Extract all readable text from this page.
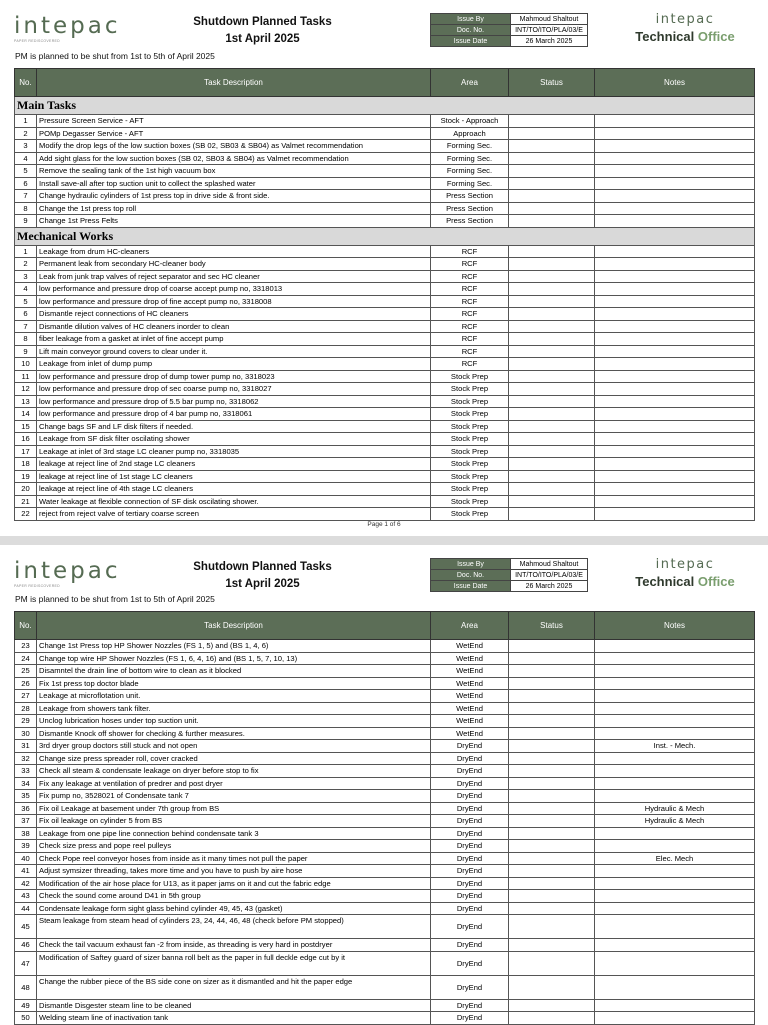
intepac
PAPER REDISCOVERED
Shutdown Planned Tasks
1st April 2025
Issue By	Mahmoud Shaltout
Doc. No.	INT/TO/ITO/PLA/03/E
Issue Date	26 March 2025
intepac
Technical Office
PM is planned to be shut from 1st to 5th of April 2025
No.	Task Description	Area	Status	Notes
Main Tasks				
1	Pressure Screen Service - AFT	Stock - Approach		
2	POMp Degasser Service - AFT	Approach		
3	Modify the drop legs of the low suction boxes (SB 02, SB03 & SB04) as Valmet recommendation	Forming Sec.		
4	Add sight glass for the low suction boxes (SB 02, SB03 & SB04) as Valmet recommendation	Forming Sec.		
5	Remove the sealing tank of the 1st high vacuum box	Forming Sec.		
6	Install save-all after top suction unit to collect the splashed water	Forming Sec.		
7	Change hydraulic cylinders of 1st press top in drive side & front side.	Press Section		
8	Change the 1st press top roll	Press Section		
9	Change 1st Press Felts	Press Section		
Mechanical Works				
1	Leakage from drum HC-cleaners	RCF		
2	Permanent leak from secondary HC-cleaner body	RCF		
3	Leak from junk trap valves of reject separator and sec HC cleaner	RCF		
4	low performance and pressure drop of coarse accept pump no, 3318013	RCF		
5	low performance and pressure drop of fine accept pump no, 3318008	RCF		
6	Dismantle reject connections of HC cleaners	RCF		
7	Dismantle dilution valves of HC cleaners inorder to clean	RCF		
8	fiber leakage from a gasket at inlet of fine accept pump	RCF		
9	Lift main conveyor ground covers to clear under it.	RCF		
10	Leakage from inlet of dump pump	RCF		
11	low performance and pressure drop of dump tower pump no, 3318023	Stock Prep		
12	low performance and pressure drop of sec coarse pump no, 3318027	Stock Prep		
13	low performance and pressure drop of 5.5 bar pump no, 3318062	Stock Prep		
14	low performance and pressure drop of 4 bar pump no, 3318061	Stock Prep		
15	Change bags SF and LF disk filters if needed.	Stock Prep		
16	Leakage from SF disk filter oscilating shower	Stock Prep		
17	Leakage at inlet of 3rd stage LC cleaner pump no, 3318035	Stock Prep		
18	leakage at reject line of 2nd stage LC cleaners	Stock Prep		
19	leakage at reject line of 1st stage LC cleaners	Stock Prep		
20	leakage at reject line of 4th stage LC cleaners	Stock Prep		
21	Water leakage at flexible connection of SF disk oscilating shower.	Stock Prep		
22	reject from reject valve of tertiary coarse screen	Stock Prep		
Page 1 of 6
intepac
PAPER REDISCOVERED
Shutdown Planned Tasks
1st April 2025
Issue By	Mahmoud Shaltout
Doc. No.	INT/TO/ITO/PLA/03/E
Issue Date	26 March 2025
intepac
Technical Office
PM is planned to be shut from 1st to 5th of April 2025
No.	Task Description	Area	Status	Notes
23	Change 1st Press top HP Shower Nozzles (FS 1, 5) and (BS 1, 4, 6)	WetEnd		
24	Change top wire HP Shower Nozzles (FS 1, 6, 4, 16) and (BS 1, 5, 7, 10, 13)	WetEnd		
25	Disamntel the drain line of bottom wire to clean as it blocked	WetEnd		
26	Fix 1st press top doctor blade	WetEnd		
27	Leakage at microflotation unit.	WetEnd		
28	Leakage from showers tank filter.	WetEnd		
29	Unclog lubrication hoses under top suction unit.	WetEnd		
30	Dismantle Knock off shower for checking & further measures.	WetEnd		
31	3rd dryer group doctors still stuck and not open	DryEnd		Inst. - Mech.
32	Change size press spreader roll, cover cracked	DryEnd		
33	Check all steam & condensate leakage on dryer before stop to fix	DryEnd		
34	Fix any leakage at ventilation of predrer and post dryer	DryEnd		
35	Fix pump no, 3528021 of Condensate tank 7	DryEnd		
36	Fix oil Leakage at basement under 7th group from BS	DryEnd		Hydraulic & Mech
37	Fix oil leakage on cylinder 5 from BS	DryEnd		Hydraulic & Mech
38	Leakage from one pipe line connection behind condensate tank 3	DryEnd		
39	Check size press and pope reel pulleys	DryEnd		
40	Check Pope reel conveyor hoses from inside as it many times not pull the paper	DryEnd		Elec. Mech
41	Adjust symsizer threading, takes more time and you have to push by aire hose	DryEnd		
42	Modification of the air hose place for U13, as it paper jams on it and cut the fabric edge	DryEnd		
43	Check the sound come around D41 in 5th group	DryEnd		
44	Condensate leakage form sight glass behind cylinder 49, 45, 43 (gasket)	DryEnd		
45	Steam leakage from steam head of cylinders 23, 24, 44, 46, 48 (check before PM stopped)	DryEnd		
46	Check the tail vacuum exhaust fan -2 from inside, as threading is very hard in postdryer	DryEnd		
47	Modification of Saftey guard of sizer banna roll belt as the paper in full deckle edge cut by it	DryEnd		
48	Change the rubber piece of the BS side cone on sizer as it dismantled and hit the paper edge	DryEnd		
49	Dismantle Disgester steam line to be cleaned	DryEnd		
50	Welding steam line of inactivation tank	DryEnd		
